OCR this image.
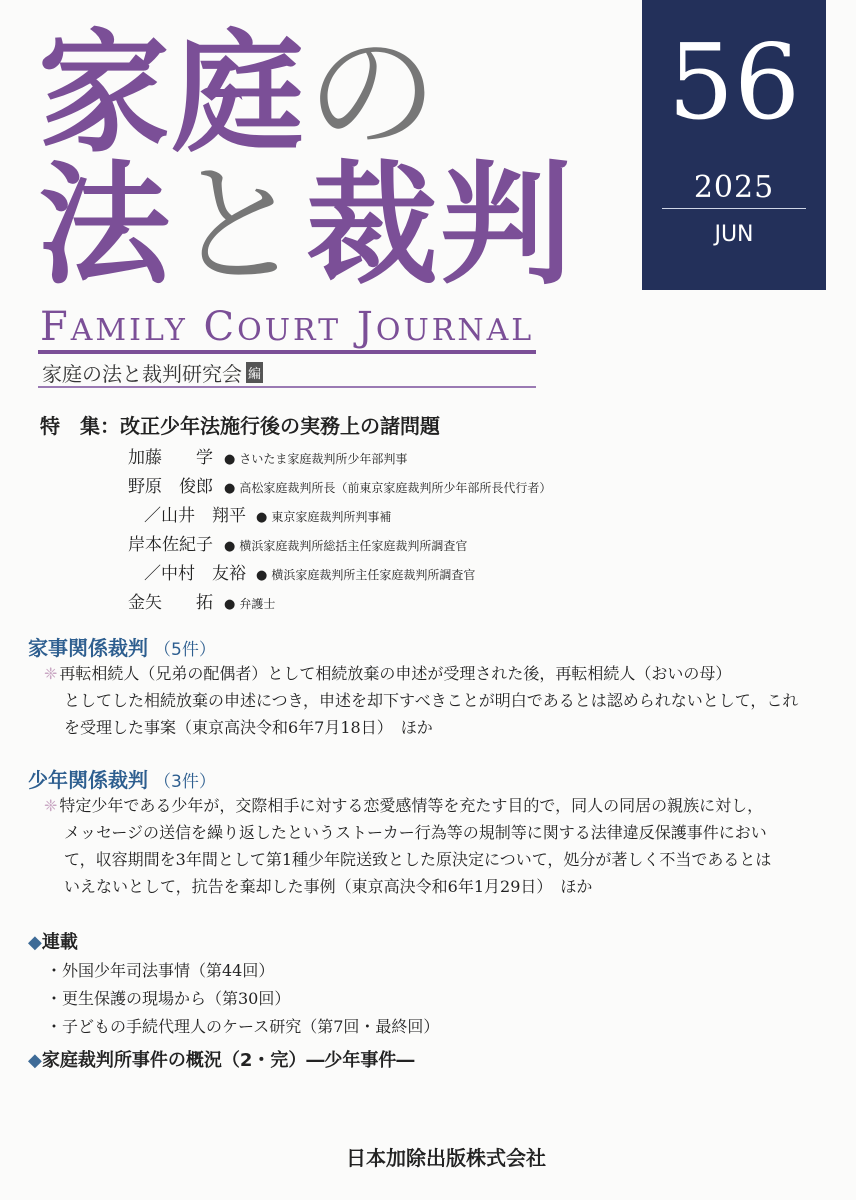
家庭の
法と裁判
FAMILY COURT JOURNAL
家庭の法と裁判研究会 編
56
2025
JUN
特　集：改正少年法施行後の実務上の諸問題
加藤　　学 ● さいたま家庭裁判所少年部判事
野原　俊郎 ● 高松家庭裁判所長（前東京家庭裁判所少年部所長代行者）
／山井　翔平 ● 東京家庭裁判所判事補
岸本佐紀子 ● 横浜家庭裁判所総括主任家庭裁判所調査官
／中村　友裕 ● 横浜家庭裁判所主任家庭裁判所調査官
金矢　　拓 ● 弁護士
家事関係裁判 （5件）

❈ 再転相続人（兄弟の配偶者）として相続放棄の申述が受理された後，再転相続人（おいの母）

としてした相続放棄の申述につき，申述を却下すべきことが明白であるとは認められないとして，これ

を受理した事案（東京高決令和6年7月18日）　ほか

少年関係裁判 （3件）

❈ 特定少年である少年が，交際相手に対する恋愛感情等を充たす目的で，同人の同居の親族に対し，

メッセージの送信を繰り返したというストーカー行為等の規制等に関する法律違反保護事件におい

て，収容期間を3年間として第1種少年院送致とした原決定について，処分が著しく不当であるとは

いえないとして，抗告を棄却した事例（東京高決令和6年1月29日）　ほか

◆連載
・外国少年司法事情（第44回）
・更生保護の現場から（第30回）
・子どもの手続代理人のケース研究（第7回・最終回）
◆家庭裁判所事件の概況（2・完）―少年事件―
日本加除出版株式会社
